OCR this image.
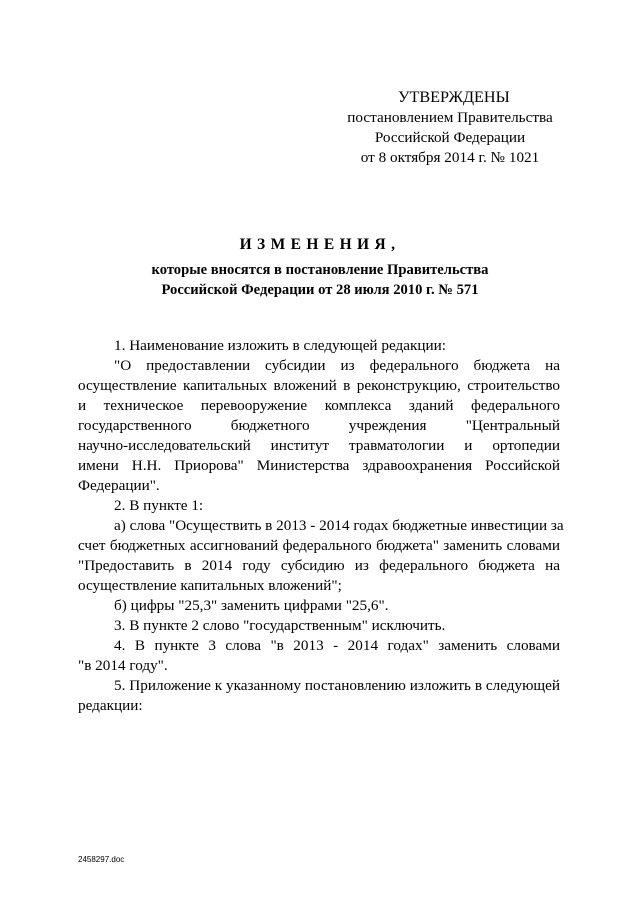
УТВЕРЖДЕНЫ
постановлением Правительства
Российской Федерации
от 8 октября 2014 г. № 1021
ИЗМЕНЕНИЯ,
которые вносятся в постановление Правительства
Российской Федерации от 28 июля 2010 г. № 571
1. Наименование изложить в следующей редакции:
"О предоставлении субсидии из федерального бюджета на
осуществление капитальных вложений в реконструкцию, строительство
и техническое перевооружение комплекса зданий федерального
государственного бюджетного учреждения "Центральный
научно-исследовательский институт травматологии и ортопедии
имени Н.Н. Приорова" Министерства здравоохранения Российской
Федерации".
2. В пункте 1:
а) слова "Осуществить в 2013 - 2014 годах бюджетные инвестиции за
счет бюджетных ассигнований федерального бюджета" заменить словами
"Предоставить в 2014 году субсидию из федерального бюджета на
осуществление капитальных вложений";
б) цифры "25,3" заменить цифрами "25,6".
3. В пункте 2 слово "государственным" исключить.
4. В пункте 3 слова "в 2013 - 2014 годах" заменить словами
"в 2014 году".
5. Приложение к указанному постановлению изложить в следующей
редакции:
2458297.doc
